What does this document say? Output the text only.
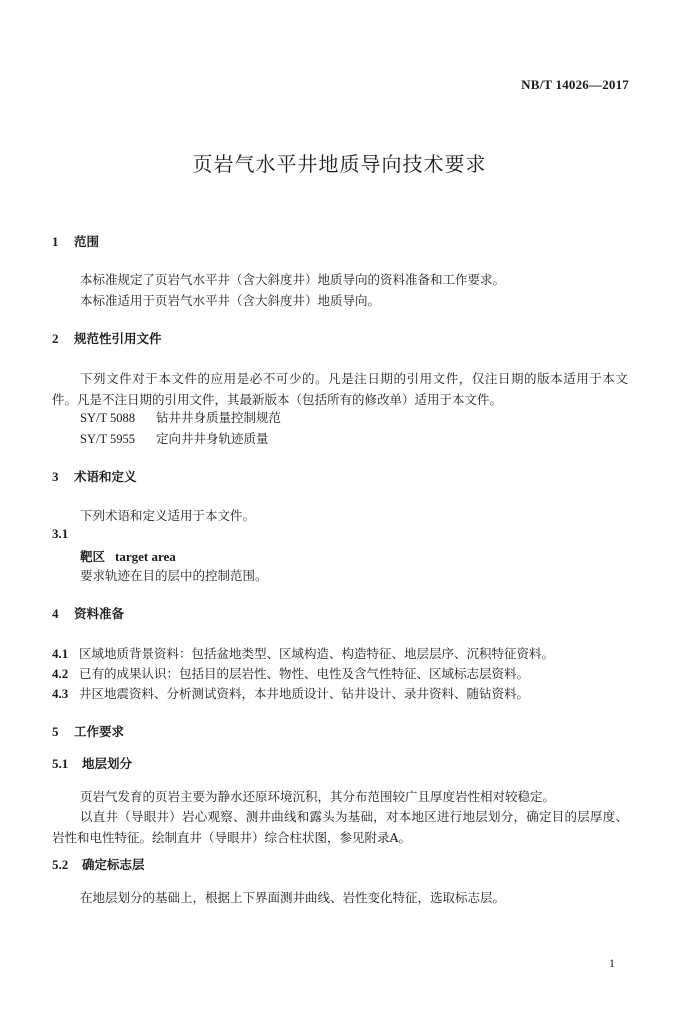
NB/T 14026—2017
页岩气水平井地质导向技术要求
1 范围
本标准规定了页岩气水平井（含大斜度井）地质导向的资料准备和工作要求。
本标准适用于页岩气水平井（含大斜度井）地质导向。
2 规范性引用文件
下列文件对于本文件的应用是必不可少的。凡是注日期的引用文件，仅注日期的版本适用于本文件。凡是不注日期的引用文件，其最新版本（包括所有的修改单）适用于本文件。
SY/T 5088 钻井井身质量控制规范
SY/T 5955 定向井井身轨迹质量
3 术语和定义
下列术语和定义适用于本文件。
3.1
靶区 target area
要求轨迹在目的层中的控制范围。
4 资料准备
4.1 区域地质背景资料：包括盆地类型、区域构造、构造特征、地层层序、沉积特征资料。
4.2 已有的成果认识：包括目的层岩性、物性、电性及含气性特征、区域标志层资料。
4.3 井区地震资料、分析测试资料，本井地质设计、钻井设计、录井资料、随钻资料。
5 工作要求
5.1 地层划分
页岩气发育的页岩主要为静水还原环境沉积，其分布范围较广且厚度岩性相对较稳定。
以直井（导眼井）岩心观察、测井曲线和露头为基础，对本地区进行地层划分，确定目的层厚度、岩性和电性特征。绘制直井（导眼井）综合柱状图，参见附录A。
5.2 确定标志层
在地层划分的基础上，根据上下界面测井曲线、岩性变化特征，选取标志层。
1
